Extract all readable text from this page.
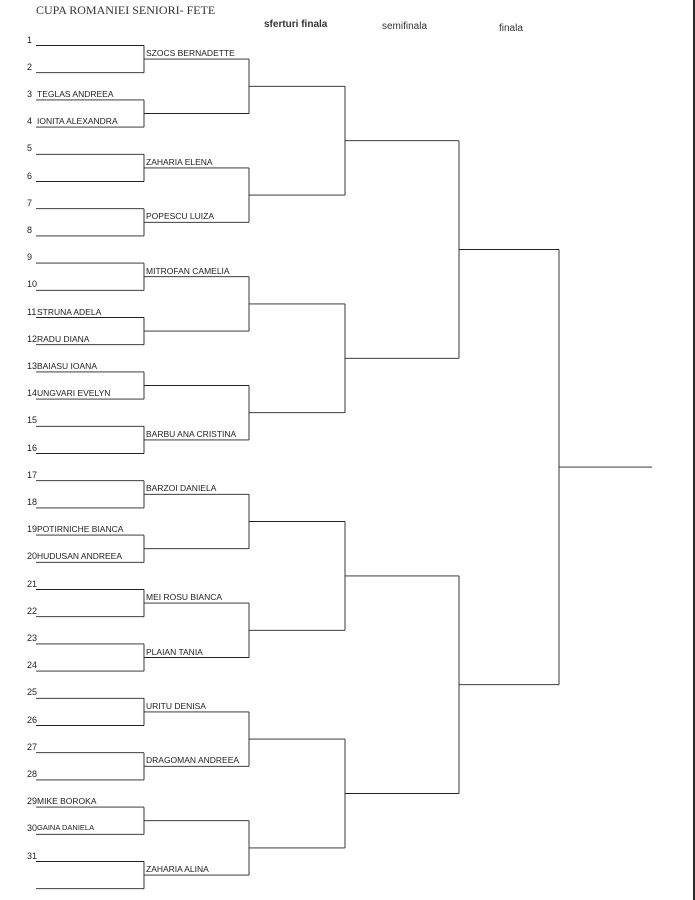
CUPA ROMANIEI SENIORI- FETE
sferturi finala	semifinala	finala
1
2
3 TEGLAS ANDREEA
4 IONITA ALEXANDRA
5
6
7
8
9
10
11 STRUNA ADELA
12 RADU DIANA
13 BAIASU IOANA
14 UNGVARI EVELYN
15
16
17
18
19 POTIRNICHE BIANCA
20 HUDUSAN ANDREEA
21
22
23
24
25
26
27
28
29 MIKE BOROKA
30 GAINA DANIELA
31
SZOCS BERNADETTE
ZAHARIA ELENA
POPESCU LUIZA
MITROFAN CAMELIA
BARBU ANA CRISTINA
BARZOI DANIELA
MEI ROSU BIANCA
PLAIAN TANIA
URITU DENISA
DRAGOMAN ANDREEA
ZAHARIA ALINA
